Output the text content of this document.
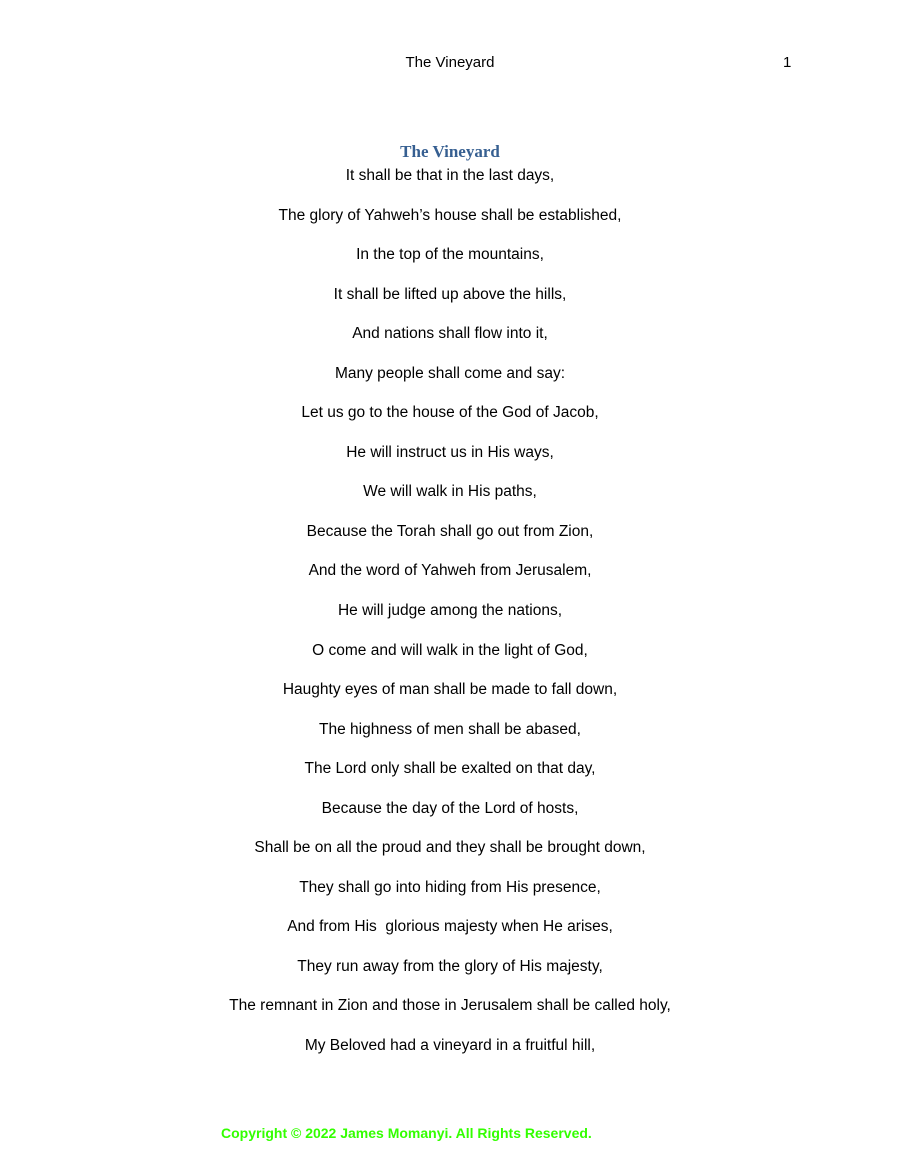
The Vineyard	1
The Vineyard
It shall be that in the last days,
The glory of Yahweh’s house shall be established,
In the top of the mountains,
It shall be lifted up above the hills,
And nations shall flow into it,
Many people shall come and say:
Let us go to the house of the God of Jacob,
He will instruct us in His ways,
We will walk in His paths,
Because the Torah shall go out from Zion,
And the word of Yahweh from Jerusalem,
He will judge among the nations,
O come and will walk in the light of God,
Haughty eyes of man shall be made to fall down,
The highness of men shall be abased,
The Lord only shall be exalted on that day,
Because the day of the Lord of hosts,
Shall be on all the proud and they shall be brought down,
They shall go into hiding from His presence,
And from His  glorious majesty when He arises,
They run away from the glory of His majesty,
The remnant in Zion and those in Jerusalem shall be called holy,
My Beloved had a vineyard in a fruitful hill,
Copyright © 2022 James Momanyi. All Rights Reserved.
